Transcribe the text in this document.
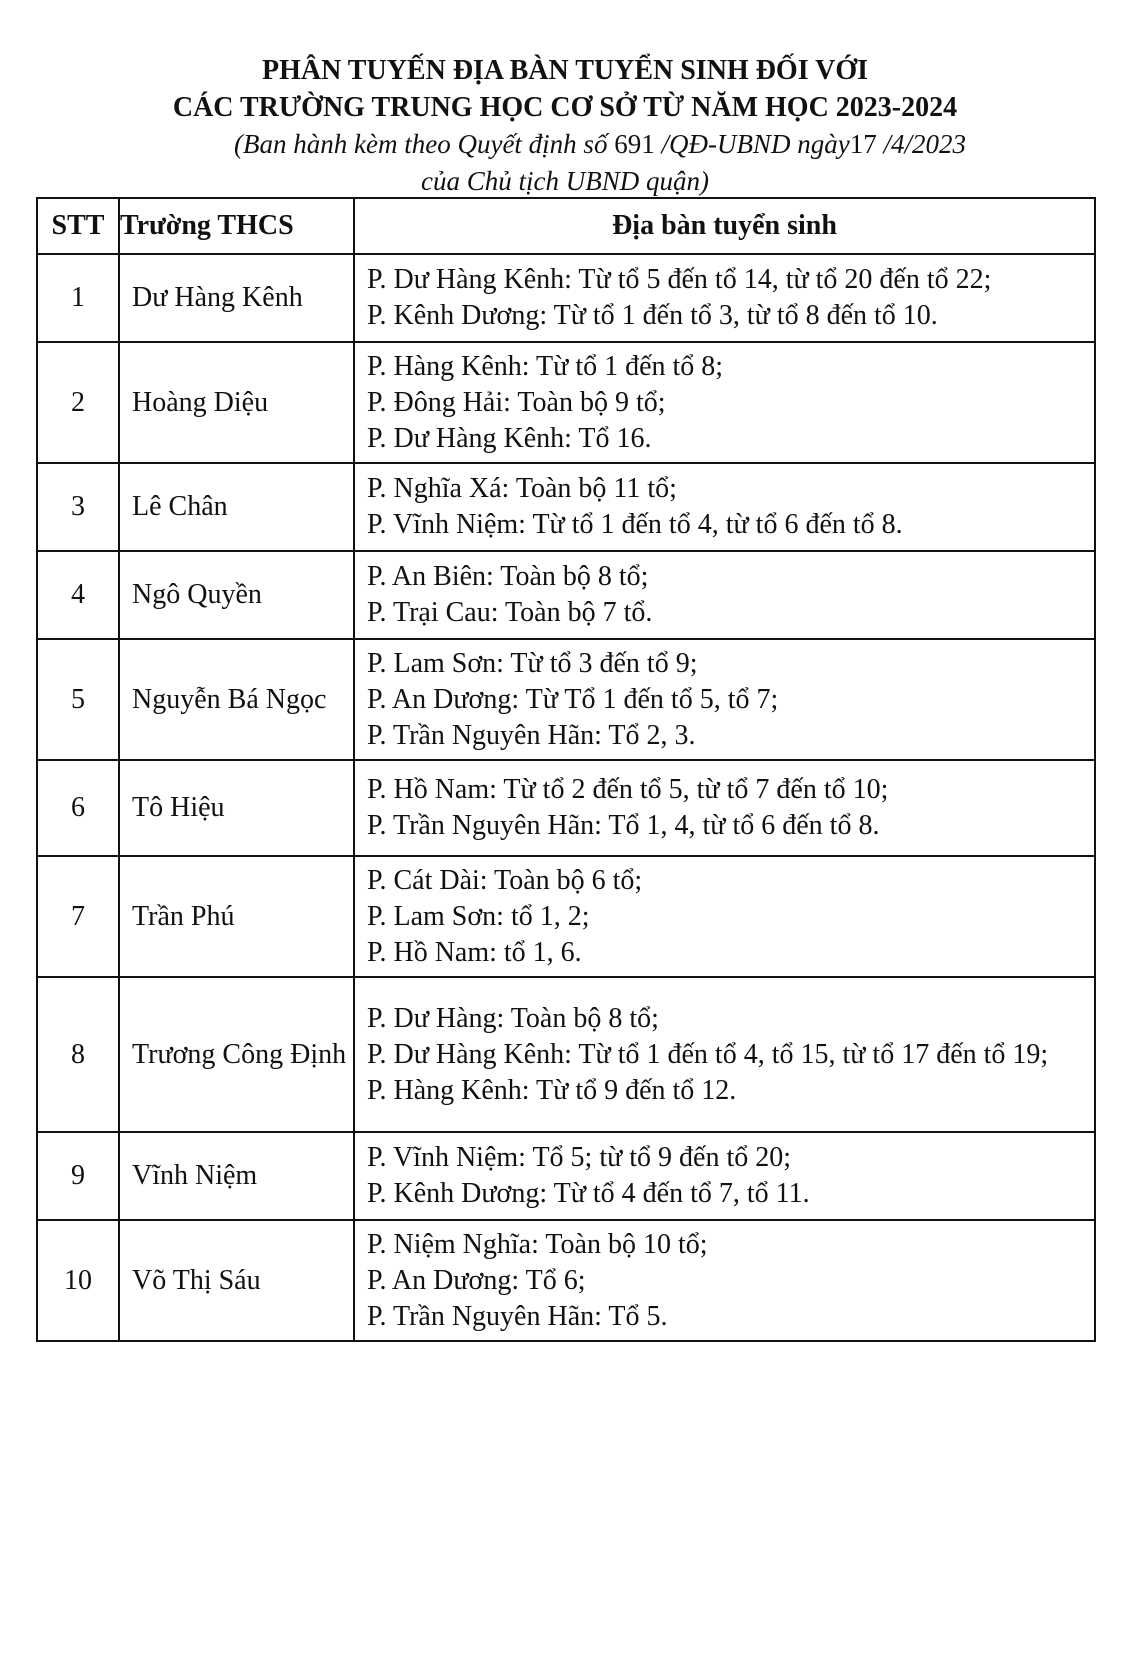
PHÂN TUYẾN ĐỊA BÀN TUYỂN SINH ĐỐI VỚI
CÁC TRƯỜNG TRUNG HỌC CƠ SỞ TỪ NĂM HỌC 2023-2024
(Ban hành kèm theo Quyết định số 691 /QĐ-UBND ngày17 /4/2023
của Chủ tịch UBND quận)
STT	Trường THCS	Địa bàn tuyển sinh
1	Dư Hàng Kênh	P. Dư Hàng Kênh: Từ tổ 5 đến tổ 14, từ tổ 20 đến tổ 22;
P. Kênh Dương: Từ tổ 1 đến tổ 3, từ tổ 8 đến tổ 10.

2	Hoàng Diệu	P. Hàng Kênh: Từ tổ 1 đến tổ 8;
P. Đông Hải: Toàn bộ 9 tổ;
P. Dư Hàng Kênh: Tổ 16.

3	Lê Chân	P. Nghĩa Xá: Toàn bộ 11 tổ;
P. Vĩnh Niệm: Từ tổ 1 đến tổ 4, từ tổ 6 đến tổ 8.

4	Ngô Quyền	P. An Biên: Toàn bộ 8 tổ;
P. Trại Cau: Toàn bộ 7 tổ.

5	Nguyễn Bá Ngọc	P. Lam Sơn: Từ tổ 3 đến tổ 9;
P. An Dương: Từ Tổ 1 đến tổ 5, tổ 7;
P. Trần Nguyên Hãn: Tổ 2, 3.

6	Tô Hiệu	P. Hồ Nam: Từ tổ 2 đến tổ 5, từ tổ 7 đến tổ 10;
P. Trần Nguyên Hãn: Tổ 1, 4, từ tổ 6 đến tổ 8.

7	Trần Phú	P. Cát Dài: Toàn bộ 6 tổ;
P. Lam Sơn: tổ 1, 2;
P. Hồ Nam: tổ 1, 6.

8	Trương Công Định	P. Dư Hàng: Toàn bộ 8 tổ;
P. Dư Hàng Kênh: Từ tổ 1 đến tổ 4, tổ 15, từ tổ 17 đến tổ 19;
P. Hàng Kênh: Từ tổ 9 đến tổ 12.

9	Vĩnh Niệm	P. Vĩnh Niệm: Tổ 5; từ tổ 9 đến tổ 20;
P. Kênh Dương: Từ tổ 4 đến tổ 7, tổ 11.

10	Võ Thị Sáu	P. Niệm Nghĩa: Toàn bộ 10 tổ;
P. An Dương: Tổ 6;
P. Trần Nguyên Hãn: Tổ 5.
